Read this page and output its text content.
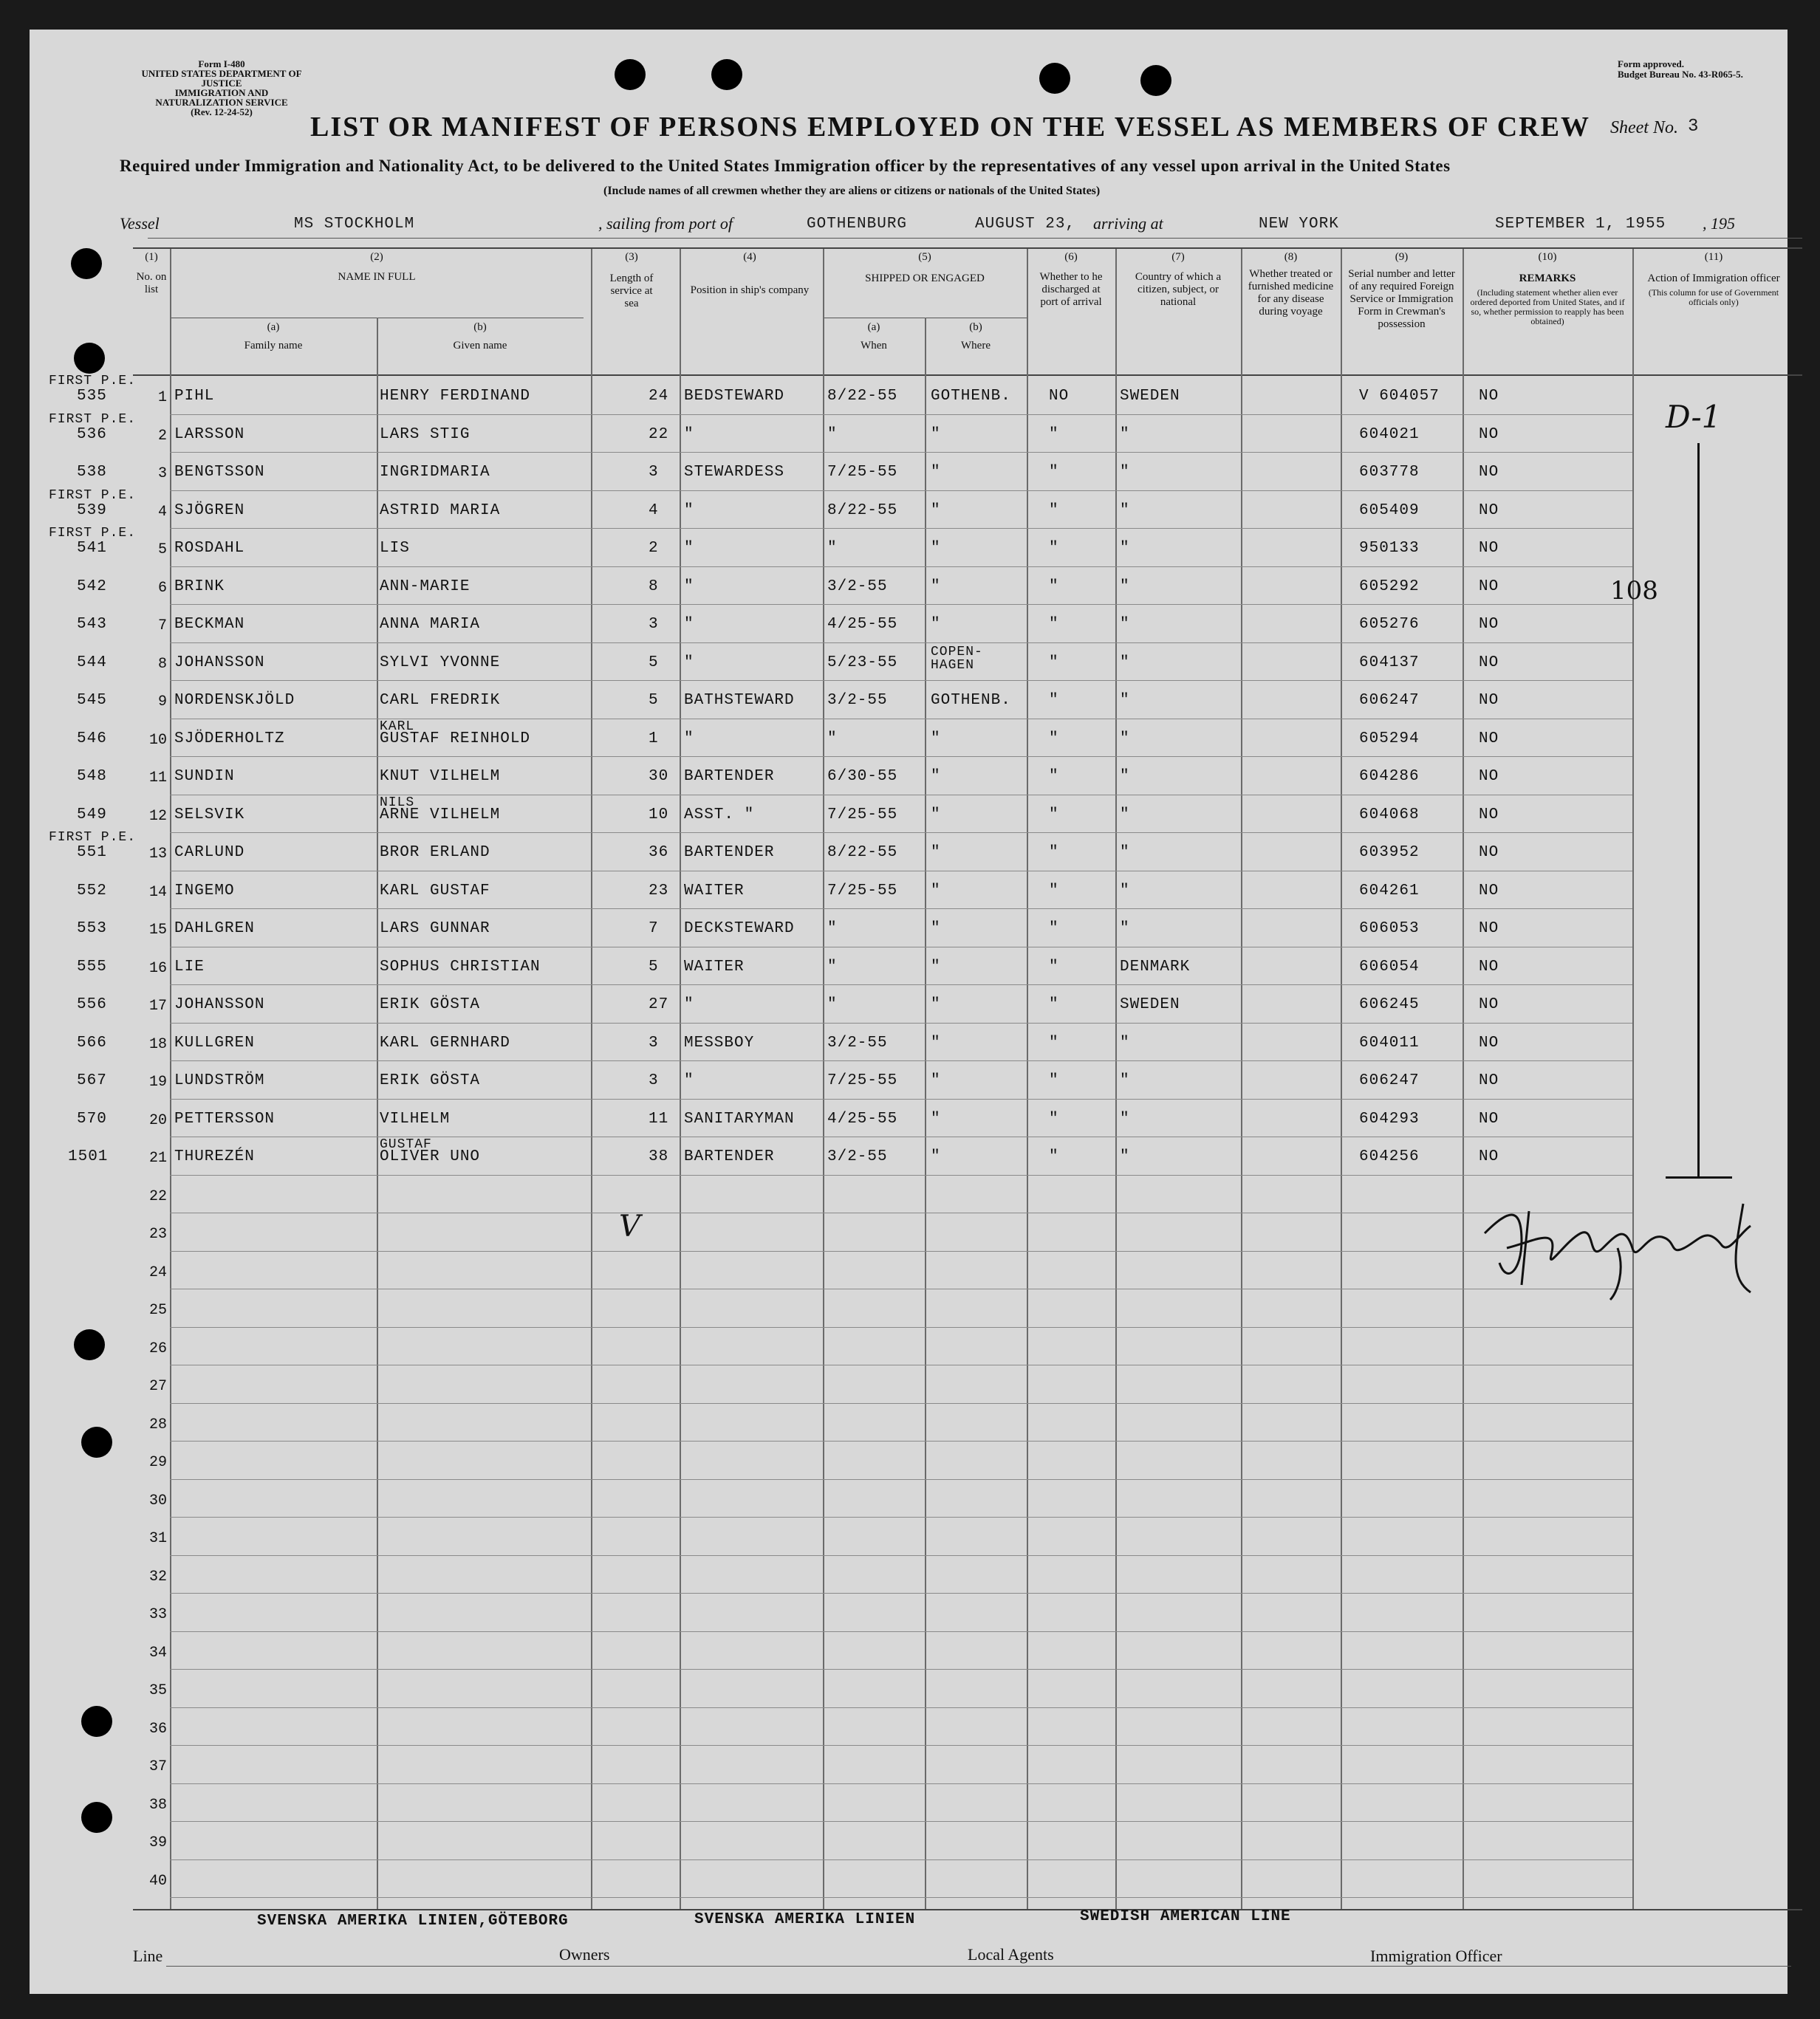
Form I-480
UNITED STATES DEPARTMENT OF JUSTICE
IMMIGRATION AND NATURALIZATION SERVICE
(Rev. 12-24-52)
Form approved.
Budget Bureau No. 43-R065-5.
LIST OR MANIFEST OF PERSONS EMPLOYED ON THE VESSEL AS MEMBERS OF CREW Sheet No. 3
Required under Immigration and Nationality Act, to be delivered to the United States Immigration officer by the representatives of any vessel upon arrival in the United States
(Include names of all crewmen whether they are aliens or citizens or nationals of the United States)
Vessel	MS STOCKHOLM	, sailing from port of	GOTHENBURG	AUGUST 23, arriving at	NEW YORK	SEPTEMBER 1, 1955 , 195
(1)
No. on list
(2)
NAME IN FULL
(a)
Family name
(b)
Given name
(3)
Length of service at sea
(4)
Position in ship's company
(5)
SHIPPED OR ENGAGED
(a)
When
(b)
Where
(6)
Whether to he discharged at port of arrival
(7)
Country of which a citizen, subject, or national
(8)
Whether treated or furnished medicine for any disease during voyage
(9)
Serial number and letter of any required Foreign Service or Immigration Form in Crewman's possession
(10)
REMARKS
(Including statement whether alien ever ordered deported from United States, and if so, whether permission to reapply has been obtained)
(11)
Action of Immigration officer
(This column for use of Government officials only)
1
2
3
4
5
6
7
8
9
10
11
12
13
14
15
16
17
18
19
20
21
22
23
24
25
26
27
28
29
30
31
32
33
34
35
36
37
38
39
40
FIRST P.E.
535	PIHL	HENRY FERDINAND	24 BEDSTEWARD	8/22-55 GOTHENB. NO	SWEDEN	V 604057	NO
FIRST P.E.
536	LARSSON	LARS STIG	22 "	"	"	"	"	604021	NO
538	BENGTSSON	INGRIDMARIA	3 STEWARDESS	7/25-55 "	"	"	603778	NO
FIRST P.E.
539	SJÖGREN	ASTRID MARIA	4 "	8/22-55 "	"	"	605409	NO
FIRST P.E.
541	ROSDAHL	LIS	2 "	"	"	"	"	950133	NO
542	BRINK	ANN-MARIE	8 "	3/2-55	"	"	"	605292	NO
543	BECKMAN	ANNA MARIA	3 "	4/25-55 "	"	"	605276	NO
544	JOHANSSON	SYLVI YVONNE	5 "	5/23-55
COPEN- HAGEN	"	"	604137	NO
545	NORDENSKJÖLD	CARL FREDRIK	5 BATHSTEWARD 3/2-55	GOTHENB. "	"	606247	NO
546
KARL
SJÖDERHOLTZ	GUSTAF REINHOLD	1 "	"	"	"	"	605294	NO
548	SUNDIN	KNUT VILHELM	30 BARTENDER	6/30-55 "	"	"	604286	NO
549
NILS
SELSVIK	ARNE VILHELM	10 ASST. "	7/25-55 "	"	"	604068	NO
FIRST P.E.
551	CARLUND	BROR ERLAND	36 BARTENDER	8/22-55 "	"	"	603952	NO
552	INGEMO	KARL GUSTAF	23 WAITER	7/25-55 "	"	"	604261	NO
553	DAHLGREN	LARS GUNNAR	7 DECKSTEWARD "	"	"	"	606053	NO
555	LIE	SOPHUS CHRISTIAN	5 WAITER	"	"	"	DENMARK	606054	NO
556	JOHANSSON	ERIK GÖSTA	27 "	"	"	"	SWEDEN	606245	NO
566	KULLGREN	KARL GERNHARD	3 MESSBOY	3/2-55	"	"	"	604011	NO
567	LUNDSTRÖM	ERIK GÖSTA	3 "	7/25-55 "	"	"	606247	NO
570	PETTERSSON	VILHELM	11 SANITARYMAN 4/25-55 "	"	"	604293	NO
1501
GUSTAF
THUREZÉN	OLIVER UNO	38 BARTENDER	3/2-55	"	"	"	604256	NO
D-1
108
V
SVENSKA AMERIKA LINIEN,GÖTEBORG	SVENSKA AMERIKA LINIEN	SWEDISH AMERICAN LINE
Line	Owners	Local Agents	Immigration Officer
